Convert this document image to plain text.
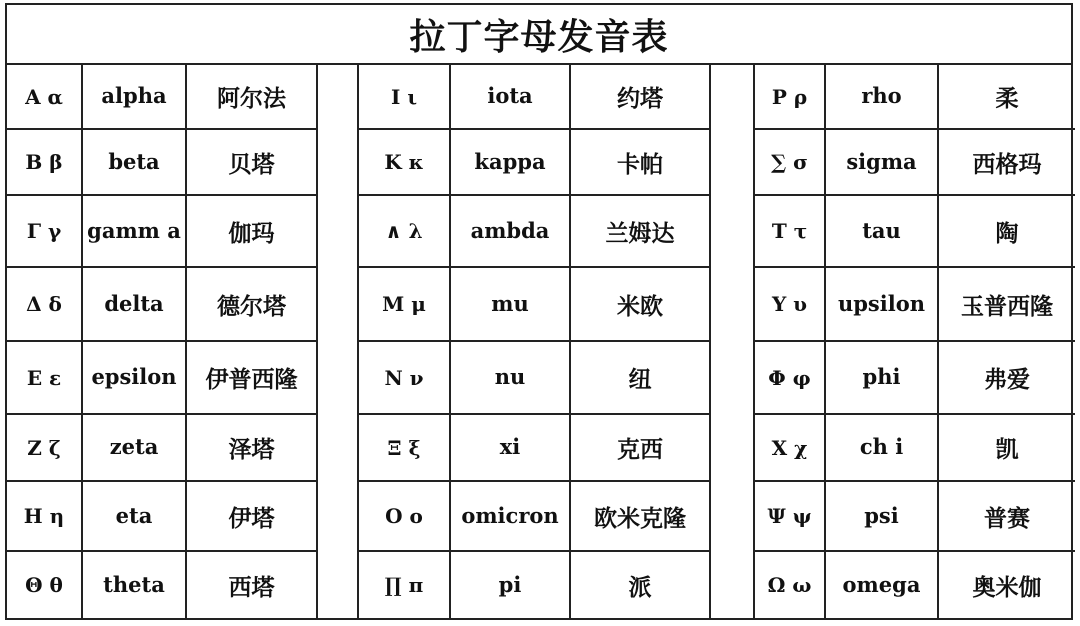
拉丁字母发音表
Α α	alpha	阿尔法
Β β	beta	贝塔
Γ γ	gamm a	伽玛
Δ δ	delta	德尔塔
Ε ε	epsilon	伊普西隆
Ζ ζ	zeta	泽塔
Η η	eta	伊塔
Θ θ	theta	西塔
Ι ι	iota	约塔
Κ κ	kappa	卡帕
∧ λ	ambda	兰姆达
Μ μ	mu	米欧
Ν ν	nu	纽
Ξ ξ	xi	克西
Ο ο	omicron	欧米克隆
∏ π	pi	派
Ρ ρ	rho	柔
∑ σ	sigma	西格玛
Τ τ	tau	陶
Υ υ	upsilon	玉普西隆
Φ φ	phi	弗爱
Χ χ	ch i	凯
Ψ ψ	psi	普赛
Ω ω	omega	奥米伽
